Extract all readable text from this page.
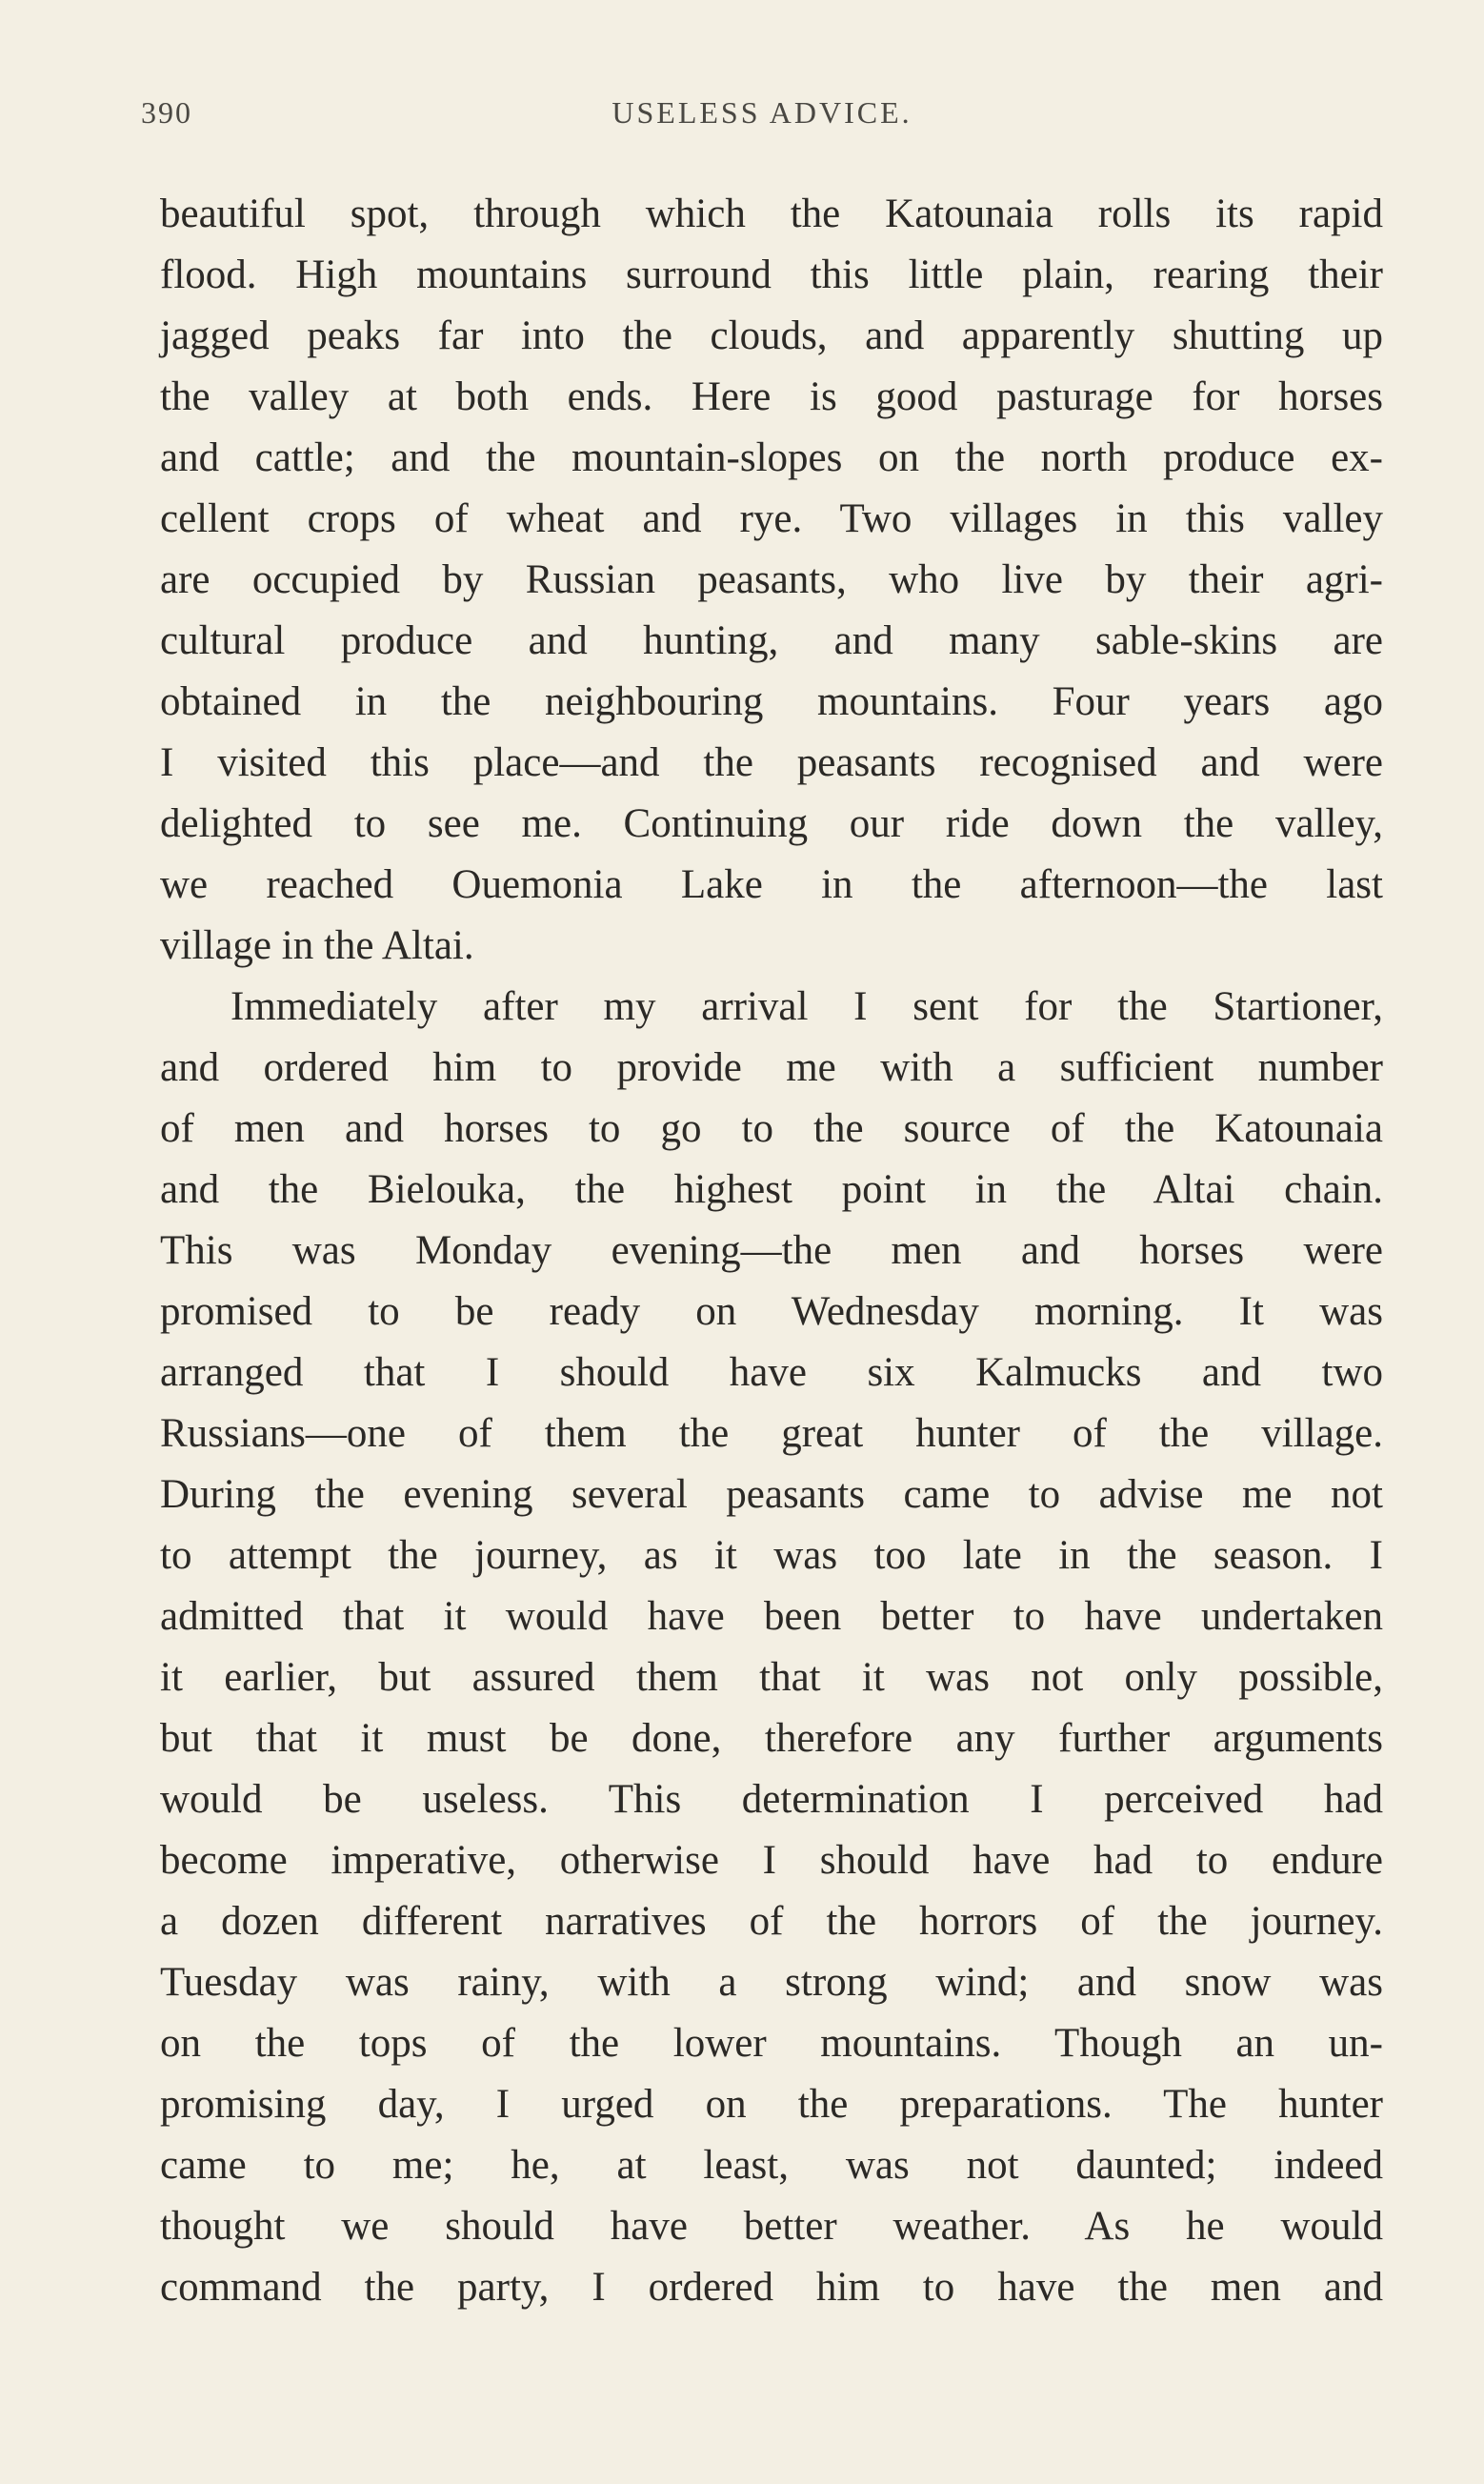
390	USELESS ADVICE.
beautiful spot, through which the Katounaia rolls its rapid
flood. High mountains surround this little plain, rearing their
jagged peaks far into the clouds, and apparently shutting up
the valley at both ends. Here is good pasturage for horses
and cattle; and the mountain-slopes on the north produce ex-
cellent crops of wheat and rye. Two villages in this valley
are occupied by Russian peasants, who live by their agri-
cultural produce and hunting, and many sable-skins are
obtained in the neighbouring mountains. Four years ago
I visited this place—and the peasants recognised and were
delighted to see me. Continuing our ride down the valley,
we reached Ouemonia Lake in the afternoon—the last
village in the Altai.
Immediately after my arrival I sent for the Startioner,
and ordered him to provide me with a sufficient number
of men and horses to go to the source of the Katounaia
and the Bielouka, the highest point in the Altai chain.
This was Monday evening—the men and horses were
promised to be ready on Wednesday morning. It was
arranged that I should have six Kalmucks and two
Russians—one of them the great hunter of the village.
During the evening several peasants came to advise me not
to attempt the journey, as it was too late in the season. I
admitted that it would have been better to have undertaken
it earlier, but assured them that it was not only possible,
but that it must be done, therefore any further arguments
would be useless. This determination I perceived had
become imperative, otherwise I should have had to endure
a dozen different narratives of the horrors of the journey.
Tuesday was rainy, with a strong wind; and snow was
on the tops of the lower mountains. Though an un-
promising day, I urged on the preparations. The hunter
came to me; he, at least, was not daunted; indeed
thought we should have better weather. As he would
command the party, I ordered him to have the men and
